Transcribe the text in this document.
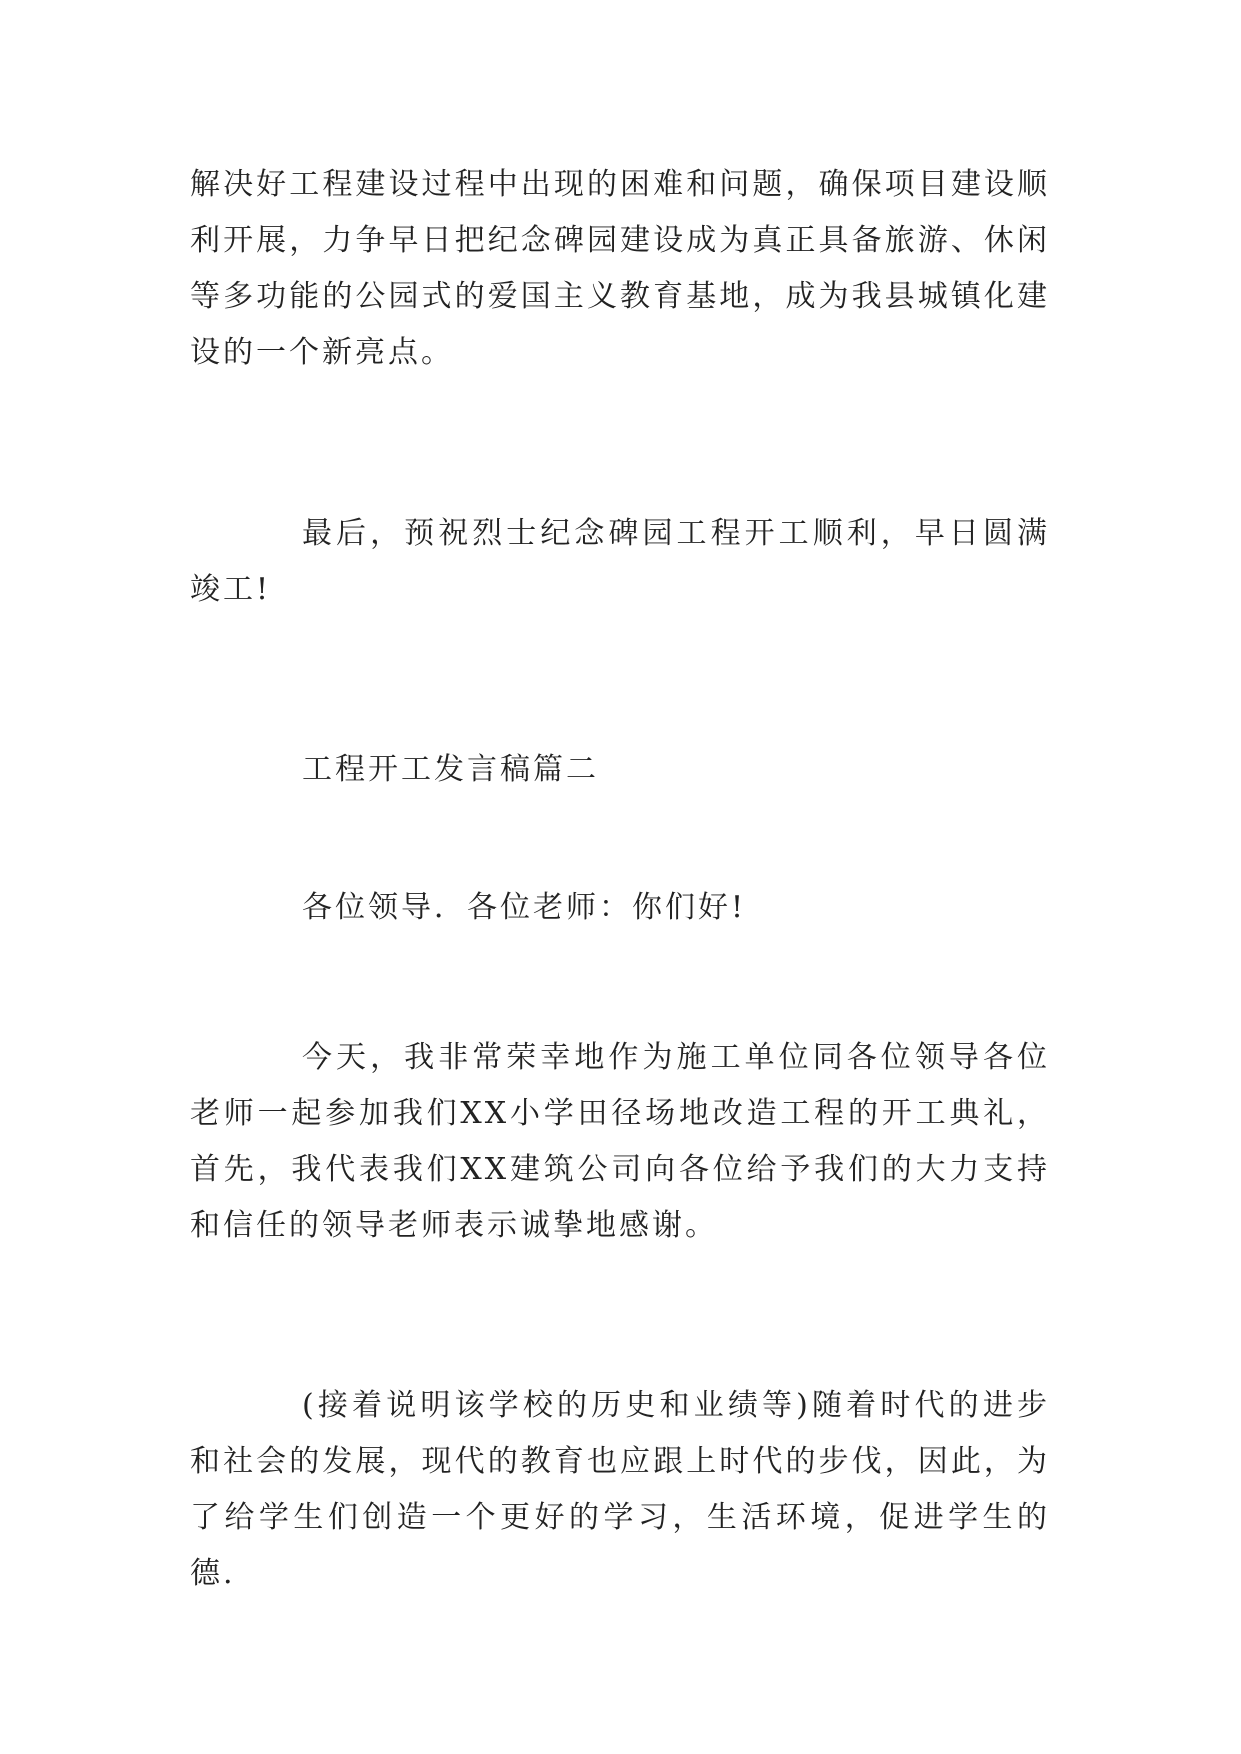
解决好工程建设过程中出现的困难和问题，确保项目建设顺利开展，力争早日把纪念碑园建设成为真正具备旅游、休闲等多功能的公园式的爱国主义教育基地，成为我县城镇化建设的一个新亮点。

最后，预祝烈士纪念碑园工程开工顺利，早日圆满竣工!

工程开工发言稿篇二

各位领导．各位老师：你们好!

今天，我非常荣幸地作为施工单位同各位领导各位老师一起参加我们XX小学田径场地改造工程的开工典礼，首先，我代表我们XX建筑公司向各位给予我们的大力支持和信任的领导老师表示诚挚地感谢。

(接着说明该学校的历史和业绩等)随着时代的进步和社会的发展，现代的教育也应跟上时代的步伐，因此，为了给学生们创造一个更好的学习，生活环境，促进学生的德.
